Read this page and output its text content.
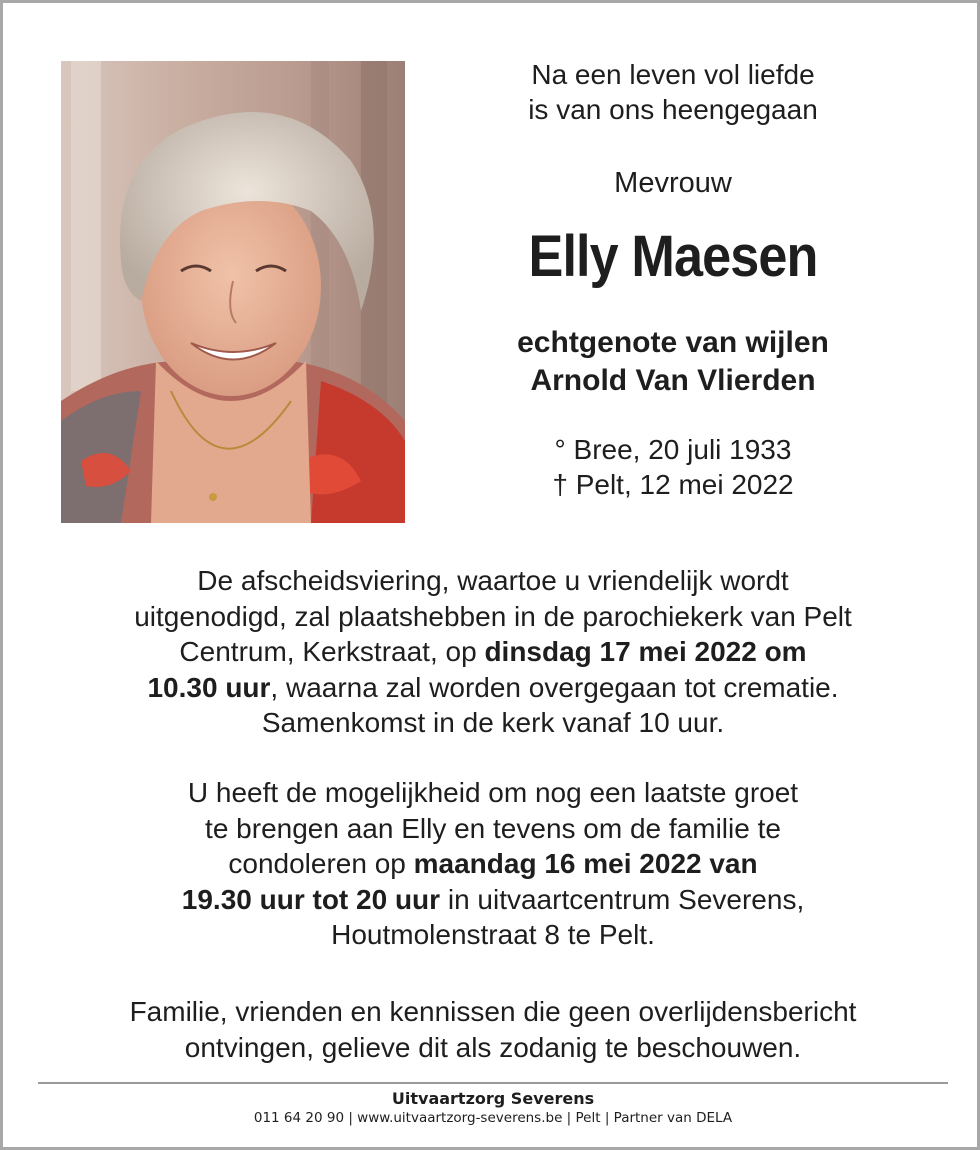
Na een leven vol liefde
is van ons heengegaan
Mevrouw
Elly Maesen
echtgenote van wijlen
Arnold Van Vlierden
° Bree, 20 juli 1933
† Pelt, 12 mei 2022
De afscheidsviering, waartoe u vriendelijk wordt
uitgenodigd, zal plaatshebben in de parochiekerk van Pelt
Centrum, Kerkstraat, op dinsdag 17 mei 2022 om
10.30 uur, waarna zal worden overgegaan tot crematie.
Samenkomst in de kerk vanaf 10 uur.
U heeft de mogelijkheid om nog een laatste groet
te brengen aan Elly en tevens om de familie te
condoleren op maandag 16 mei 2022 van
19.30 uur tot 20 uur in uitvaartcentrum Severens,
Houtmolenstraat 8 te Pelt.
Familie, vrienden en kennissen die geen overlijdensbericht
ontvingen, gelieve dit als zodanig te beschouwen.
Uitvaartzorg Severens
011 64 20 90 | www.uitvaartzorg-severens.be | Pelt | Partner van DELA
